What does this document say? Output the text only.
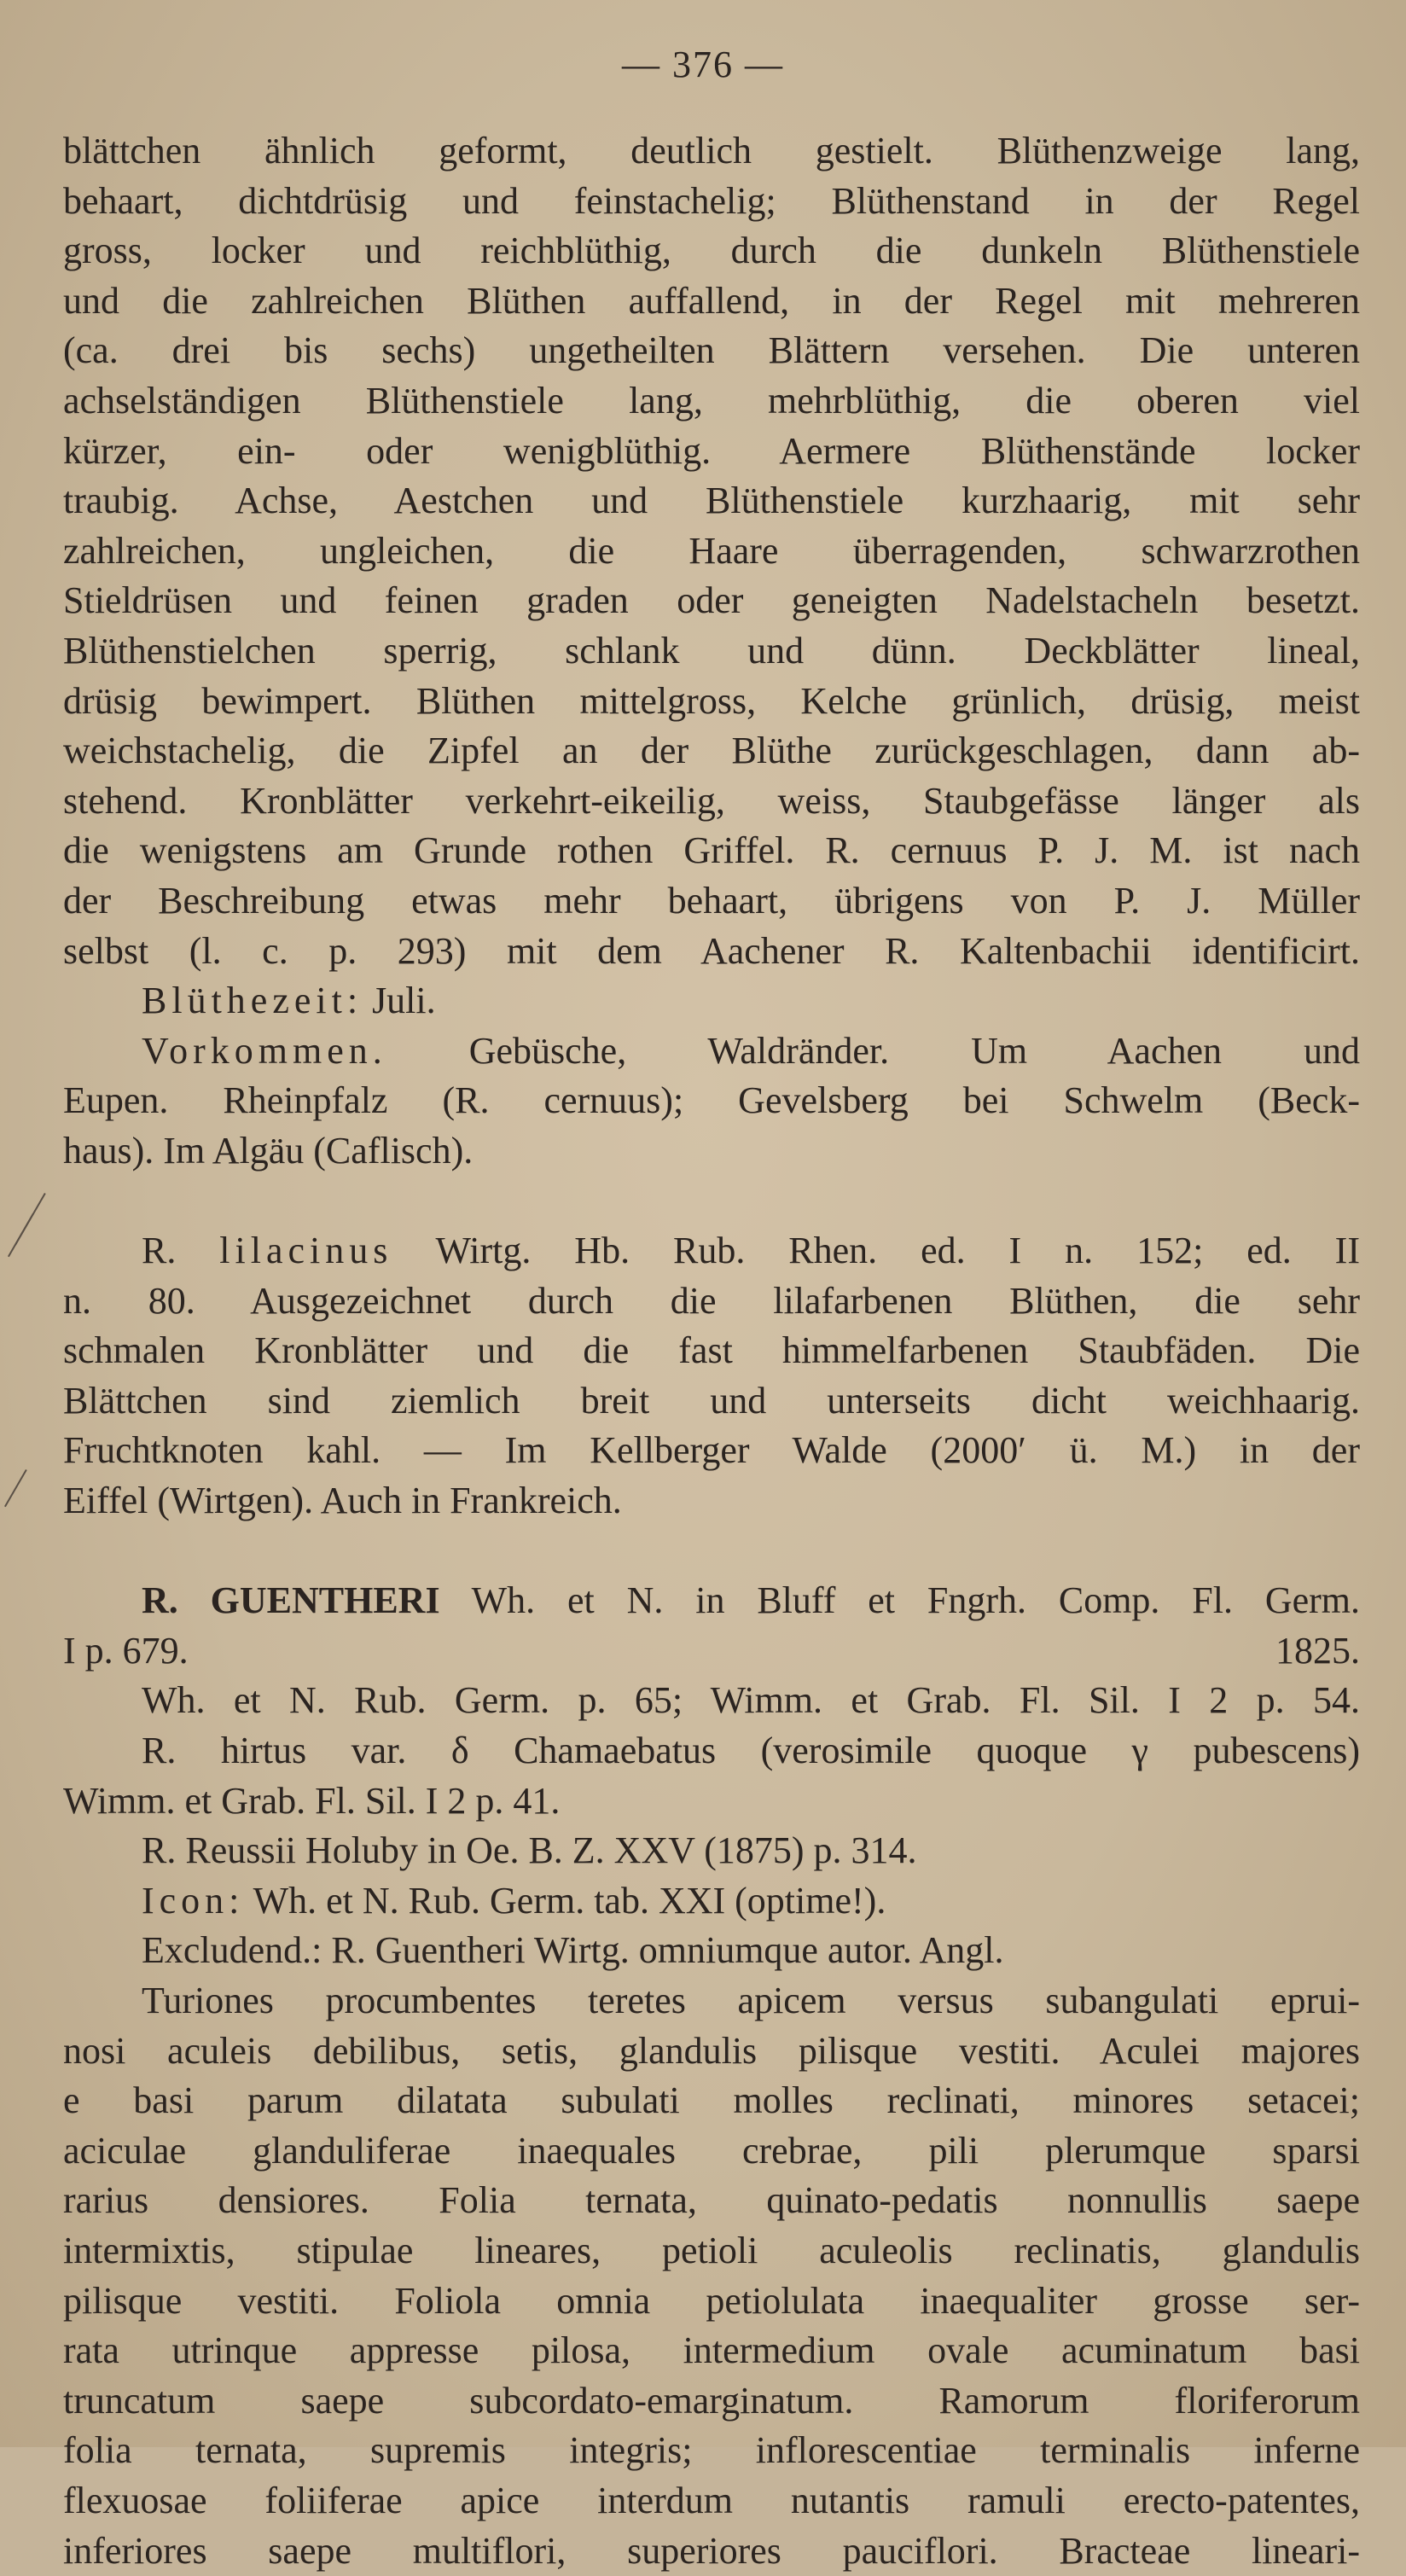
— 376 —
blättchen ähnlich geformt, deutlich gestielt. Blüthenzweige lang,
behaart, dichtdrüsig und feinstachelig; Blüthenstand in der Regel
gross, locker und reichblüthig, durch die dunkeln Blüthenstiele
und die zahlreichen Blüthen auffallend, in der Regel mit mehreren
(ca. drei bis sechs) ungetheilten Blättern versehen. Die unteren
achselständigen Blüthenstiele lang, mehrblüthig, die oberen viel
kürzer, ein- oder wenigblüthig. Aermere Blüthenstände locker
traubig. Achse, Aestchen und Blüthenstiele kurzhaarig, mit sehr
zahlreichen, ungleichen, die Haare überragenden, schwarzrothen
Stieldrüsen und feinen graden oder geneigten Nadelstacheln besetzt.
Blüthenstielchen sperrig, schlank und dünn. Deckblätter lineal,
drüsig bewimpert. Blüthen mittelgross, Kelche grünlich, drüsig, meist
weichstachelig, die Zipfel an der Blüthe zurückgeschlagen, dann ab-
stehend. Kronblätter verkehrt-eikeilig, weiss, Staubgefässe länger als
die wenigstens am Grunde rothen Griffel. R. cernuus P. J. M. ist nach
der Beschreibung etwas mehr behaart, übrigens von P. J. Müller
selbst (l. c. p. 293) mit dem Aachener R. Kaltenbachii identificirt.
Blüthezeit: Juli.
Vorkommen. Gebüsche, Waldränder. Um Aachen und
Eupen. Rheinpfalz (R. cernuus); Gevelsberg bei Schwelm (Beck-
haus). Im Algäu (Caflisch).
R. lilacinus Wirtg. Hb. Rub. Rhen. ed. I n. 152; ed. II
n. 80. Ausgezeichnet durch die lilafarbenen Blüthen, die sehr
schmalen Kronblätter und die fast himmelfarbenen Staubfäden. Die
Blättchen sind ziemlich breit und unterseits dicht weichhaarig.
Fruchtknoten kahl. — Im Kellberger Walde (2000′ ü. M.) in der
Eiffel (Wirtgen). Auch in Frankreich.
R. GUENTHERI Wh. et N. in Bluff et Fngrh. Comp. Fl. Germ.
I p. 679.	1825.
Wh. et N. Rub. Germ. p. 65; Wimm. et Grab. Fl. Sil. I 2 p. 54.
R. hirtus var. δ Chamaebatus (verosimile quoque γ pubescens)
Wimm. et Grab. Fl. Sil. I 2 p. 41.
R. Reussii Holuby in Oe. B. Z. XXV (1875) p. 314.
Icon: Wh. et N. Rub. Germ. tab. XXI (optime!).
Excludend.: R. Guentheri Wirtg. omniumque autor. Angl.
Turiones procumbentes teretes apicem versus subangulati eprui-
nosi aculeis debilibus, setis, glandulis pilisque vestiti. Aculei majores
e basi parum dilatata subulati molles reclinati, minores setacei;
aciculae glanduliferae inaequales crebrae, pili plerumque sparsi
rarius densiores. Folia ternata, quinato-pedatis nonnullis saepe
intermixtis, stipulae lineares, petioli aculeolis reclinatis, glandulis
pilisque vestiti. Foliola omnia petiolulata inaequaliter grosse ser-
rata utrinque appresse pilosa, intermedium ovale acuminatum basi
truncatum saepe subcordato-emarginatum. Ramorum floriferorum
folia ternata, supremis integris; inflorescentiae terminalis inferne
flexuosae foliiferae apice interdum nutantis ramuli erecto-patentes,
inferiores saepe multiflori, superiores pauciflori. Bracteae lineari-
